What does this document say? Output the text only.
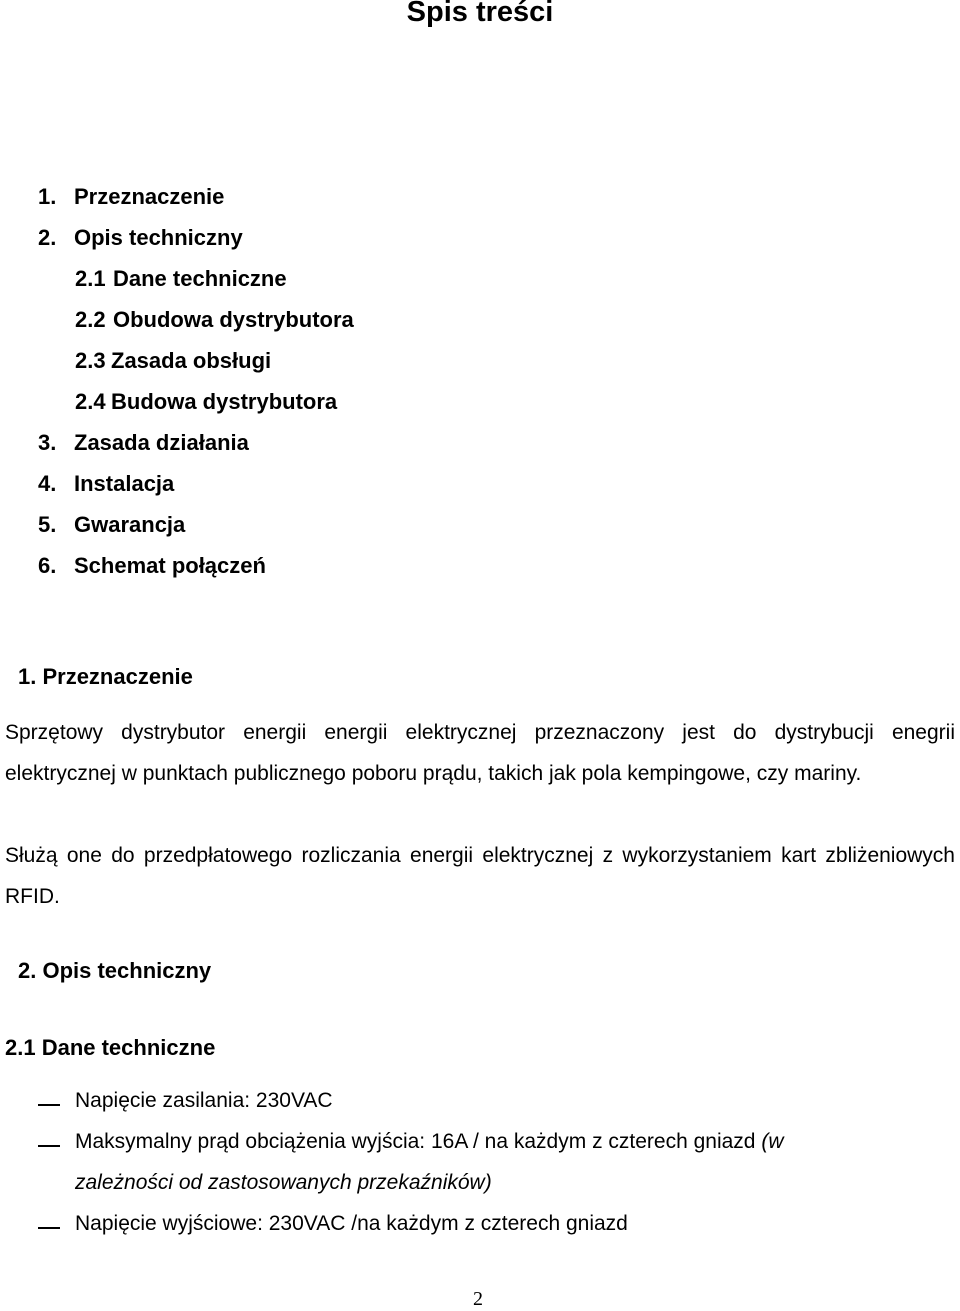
Spis treści
1. Przeznaczenie
2. Opis techniczny
2.1 Dane techniczne
2.2 Obudowa dystrybutora
2.3 Zasada obsługi
2.4 Budowa dystrybutora
3. Zasada działania
4. Instalacja
5. Gwarancja
6. Schemat połączeń
1. Przeznaczenie
Sprzętowy dystrybutor energii energii elektrycznej przeznaczony jest do dystrybucji enegrii elektrycznej w punktach publicznego poboru prądu, takich jak pola kempingowe, czy mariny.
Służą one do przedpłatowego rozliczania energii elektrycznej z wykorzystaniem kart zbliżeniowych RFID.
2. Opis techniczny
2.1 Dane techniczne
Napięcie zasilania: 230VAC
Maksymalny prąd obciążenia wyjścia: 16A / na każdym z czterech gniazd (w
zależności od zastosowanych przekaźników)
Napięcie wyjściowe: 230VAC /na każdym z czterech gniazd
2
